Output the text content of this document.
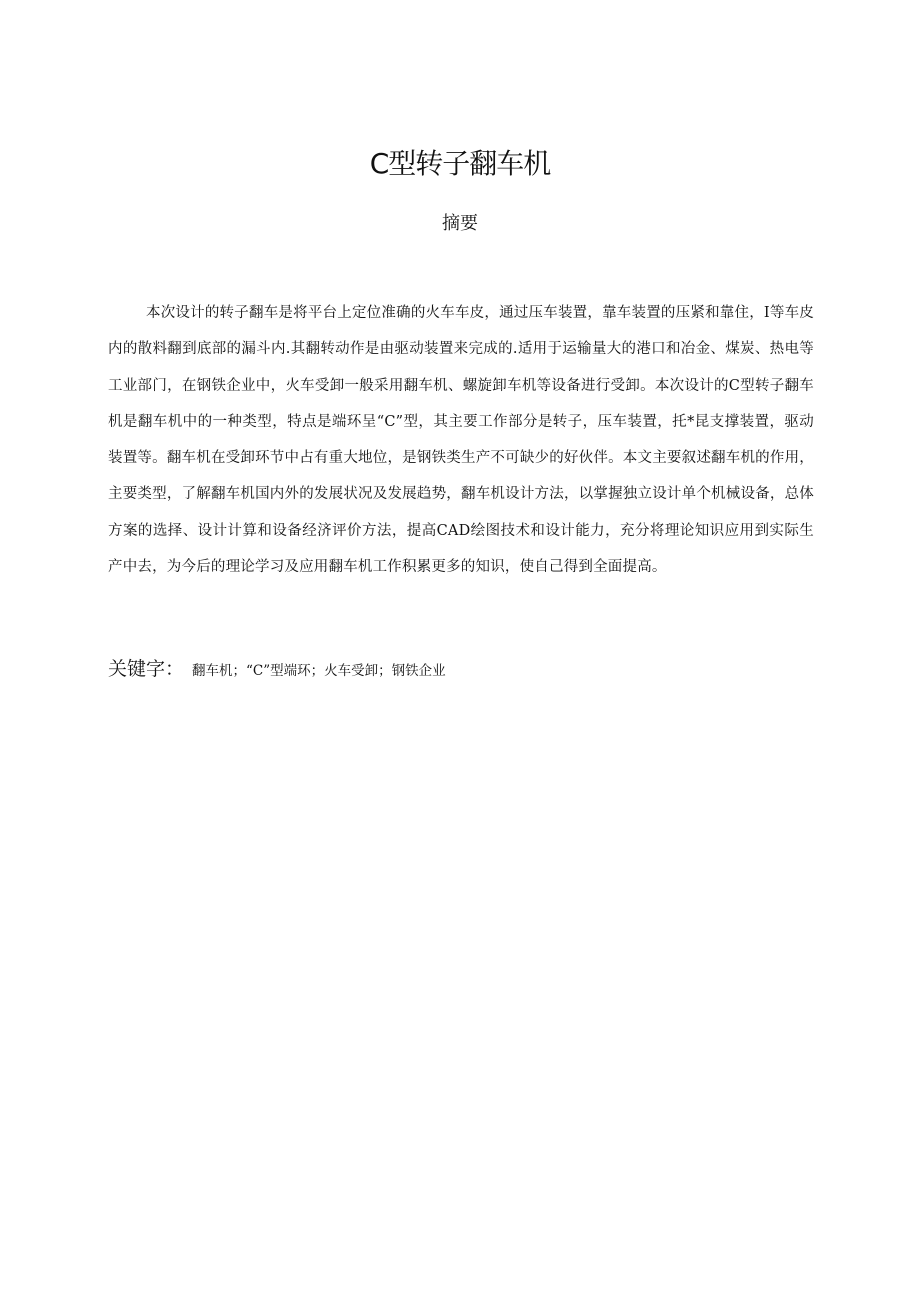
C型转子翻车机
摘要

本次设计的转子翻车是将平台上定位准确的火车车皮，通过压车装置，靠车装置的压紧和靠住，I等车皮内的散料翻到底部的漏斗内.其翻转动作是由驱动装置来完成的.适用于运输量大的港口和冶金、煤炭、热电等工业部门，在钢铁企业中，火车受卸一般采用翻车机、螺旋卸车机等设备进行受卸。本次设计的C型转子翻车机是翻车机中的一种类型，特点是端环呈“C”型，其主要工作部分是转子，压车装置，托*昆支撑装置，驱动装置等。翻车机在受卸环节中占有重大地位，是钢铁类生产不可缺少的好伙伴。本文主要叙述翻车机的作用，主要类型，了解翻车机国内外的发展状况及发展趋势，翻车机设计方法，以掌握独立设计单个机械设备，总体方案的选择、设计计算和设备经济评价方法，提高CAD绘图技术和设计能力，充分将理论知识应用到实际生产中去，为今后的理论学习及应用翻车机工作积累更多的知识，使自己得到全面提高。

关键字： 翻车机；“C”型端环；火车受卸；钢铁企业
